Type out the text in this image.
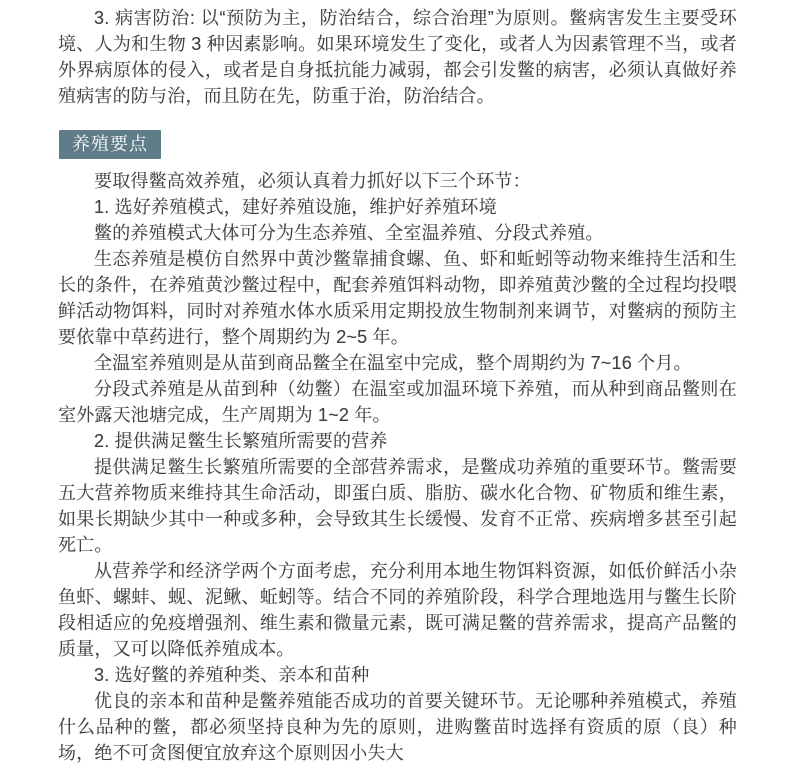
3. 病害防治: 以“预防为主，防治结合，综合治理”为原则。鳖病害发生主要受环境、人为和生物 3 种因素影响。如果环境发生了变化，或者人为因素管理不当，或者外界病原体的侵入，或者是自身抵抗能力减弱，都会引发鳖的病害，必须认真做好养殖病害的防与治，而且防在先，防重于治，防治结合。

养殖要点

要取得鳖高效养殖，必须认真着力抓好以下三个环节：

1. 选好养殖模式，建好养殖设施，维护好养殖环境

鳖的养殖模式大体可分为生态养殖、全室温养殖、分段式养殖。

生态养殖是模仿自然界中黄沙鳖靠捕食螺、鱼、虾和蚯蚓等动物来维持生活和生长的条件，在养殖黄沙鳖过程中，配套养殖饵料动物，即养殖黄沙鳖的全过程均投喂鲜活动物饵料，同时对养殖水体水质采用定期投放生物制剂来调节，对鳖病的预防主要依靠中草药进行，整个周期约为 2~5 年。

全温室养殖则是从苗到商品鳖全在温室中完成，整个周期约为 7~16 个月。

分段式养殖是从苗到种（幼鳖）在温室或加温环境下养殖，而从种到商品鳖则在室外露天池塘完成，生产周期为 1~2 年。

2. 提供满足鳖生长繁殖所需要的营养

提供满足鳖生长繁殖所需要的全部营养需求，是鳖成功养殖的重要环节。鳖需要五大营养物质来维持其生命活动，即蛋白质、脂肪、碳水化合物、矿物质和维生素，如果长期缺少其中一种或多种，会导致其生长缓慢、发育不正常、疾病增多甚至引起死亡。

从营养学和经济学两个方面考虑，充分利用本地生物饵料资源，如低价鲜活小杂鱼虾、螺蚌、蚬、泥鳅、蚯蚓等。结合不同的养殖阶段，科学合理地选用与鳖生长阶段相适应的免疫增强剂、维生素和微量元素，既可满足鳖的营养需求，提高产品鳖的质量，又可以降低养殖成本。

3. 选好鳖的养殖种类、亲本和苗种

优良的亲本和苗种是鳖养殖能否成功的首要关键环节。无论哪种养殖模式，养殖什么品种的鳖，都必须坚持良种为先的原则，进购鳖苗时选择有资质的原（良）种场，绝不可贪图便宜放弃这个原则因小失大
